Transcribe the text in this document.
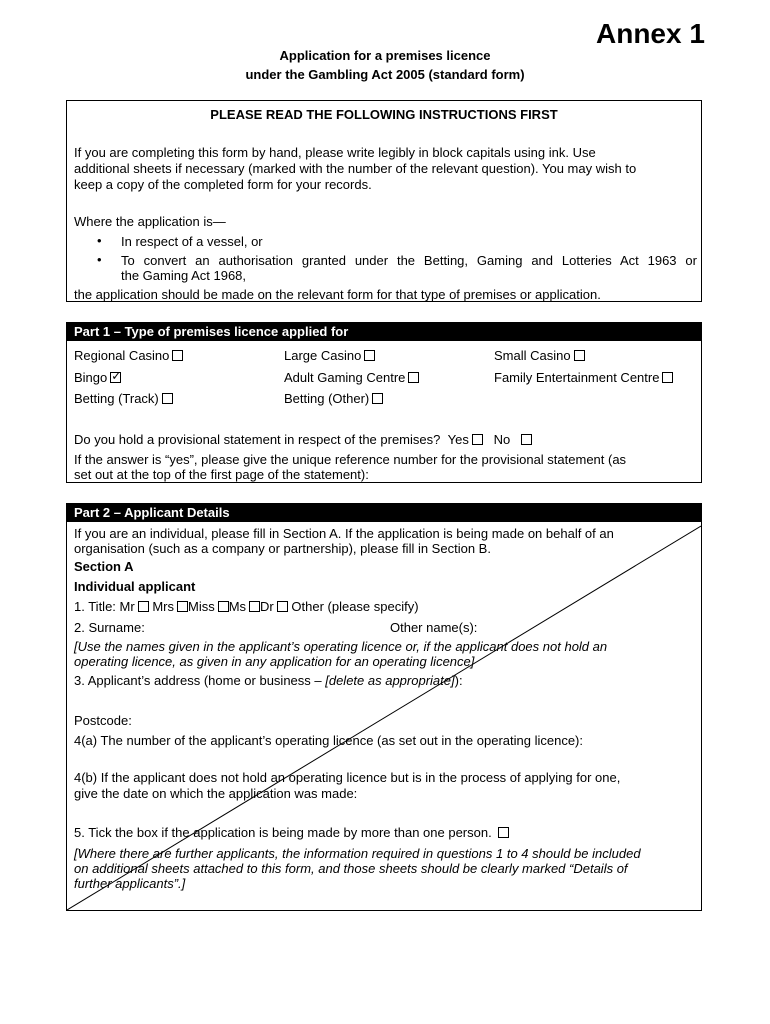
Annex 1
Application for a premises licence
under the Gambling Act 2005 (standard form)
PLEASE READ THE FOLLOWING INSTRUCTIONS FIRST
If you are completing this form by hand, please write legibly in block capitals using ink. Use
additional sheets if necessary (marked with the number of the relevant question). You may wish to
keep a copy of the completed form for your records.
Where the application is—
• In respect of a vessel, or
• To convert an authorisation granted under the Betting, Gaming and Lotteries Act 1963 or
the Gaming Act 1968,
the application should be made on the relevant form for that type of premises or application.
Part 1 – Type of premises licence applied for
Regional Casino	Large Casino	Small Casino
Bingo✓	Adult Gaming Centre	Family Entertainment Centre
Betting (Track)	Betting (Other)
Do you hold a provisional statement in respect of the premises? Yes No
If the answer is “yes”, please give the unique reference number for the provisional statement (as
set out at the top of the first page of the statement):
Part 2 – Applicant Details
If you are an individual, please fill in Section A. If the application is being made on behalf of an
organisation (such as a company or partnership), please fill in Section B.
Section A
Individual applicant
1. Title: Mr Mrs Miss Ms Dr Other (please specify)
2. Surname:	Other name(s):
[Use the names given in the applicant’s operating licence or, if the applicant does not hold an
operating licence, as given in any application for an operating licence]
3. Applicant’s address (home or business – [delete as appropriate]):
Postcode:
4(a) The number of the applicant’s operating licence (as set out in the operating licence):
4(b) If the applicant does not hold an operating licence but is in the process of applying for one,
give the date on which the application was made:
5. Tick the box if the application is being made by more than one person.
[Where there are further applicants, the information required in questions 1 to 4 should be included
on additional sheets attached to this form, and those sheets should be clearly marked “Details of
further applicants”.]
